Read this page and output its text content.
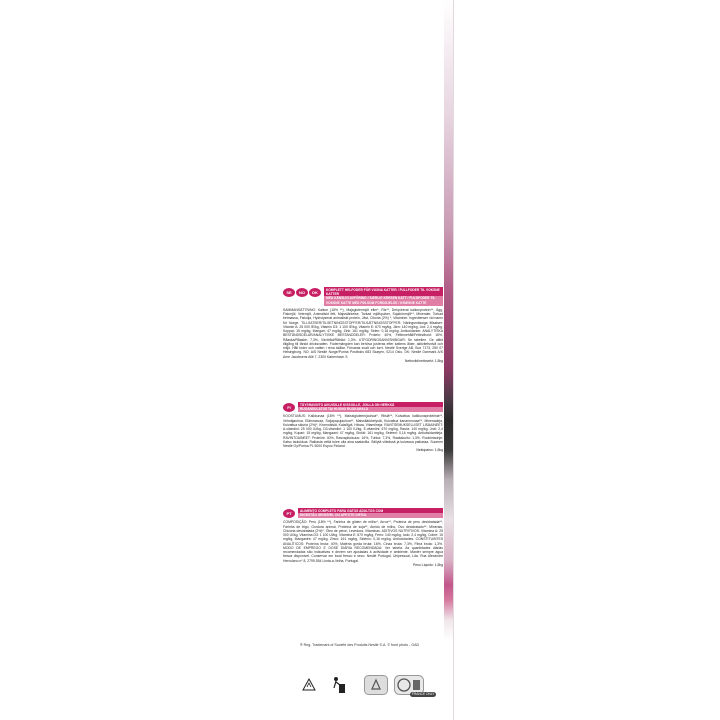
SE	NO	DK	KOMPLETT HELFODER FÖR VUXNA KATTER / FULLFODER TIL VOKSNE KATTER
MED KÄNSLIG AVFÖRING / SÆRLIG KRESEN KATT / FULDFODER TIL VOKSNE KATTE MED FØLSOM FORDØJELSE / KRÆSNE KATTE
SAMMANSÄTTNING: Kalkon (18% **), Majsglutenmjöl eller*, Ris**, Dehydrerat kalkonprotein**, Ägg, Fiskmjöl, Vetemjöl, Animaliskt fett, Majsstärkelse, Torkad mjölkpulver, Sojabönmjöl**, Mineraler, Torkad betmassa, Fiskolja, Hydrolyserat animaliskt protein, Jäst, Cikoria (2%) *, Vitaminer. Ingredienser vid namn för Norge. TILLSATSER/TILSETNINGSSTOFFER/TILSÆTNINGSSTOFFER: Näringsmässiga tillsatser: Vitamin A: 25 000 IE/kg, Vitamin D3: 1 100 IE/kg, Vitamin E: 670 mg/kg, Järn: 140 mg/kg, Jod: 2,4 mg/kg, Koppar: 15 mg/kg, Mangan: 47 mg/kg, Zink: 161 mg/kg, Selen: 0,16 mg/kg. Antioxidanter. ANALYTISKA BESTÅNDSDELAR/ANALYTISKE BESTANDDELER: Protein: 40%, Fettinnehåll/Fettindhold: 16%, Råaska/Råaske: 7,3%, Växttråd/Råtråd: 1,3%. UTFODRINGSANVISNINGAR: Se tabellen. Ge alltid tillgång till färskt dricksvatten. Fodermängden kan behöva justeras efter kattens ålder, aktivitetsnivå och miljö. Håll foder och vatten i rena skålar. Förvaras svalt och torrt. Nestlé Sverige AB, Box 7173, 250 07 Helsingborg. NO: A/S Nestlé Norge/Purina Postboks 683 Skøyen, 0214 Oslo. DK: Nestlé Danmark A/S Arne Jacobsens Allé 7, 2300 København S
Nettovikt/nettovekt: 1,5kg
FI	TÄYSRAVINTO AIKUISILLE KISSOILLE, JOILLA ON HERKKÄ
RUOANSULATUS TAI HUONO RUOKAHALU
KOOSTUMUS: Kalkkunaa (18% **), Maissigluteenijauhoa*, Riisiä**, Kuivattua kalkkunaproteiinia**, Vehnäjauhoa, Eläinrasvaa, Soijapapujauhoa**, Maissitärkkelystä, Kuivattua kananmunaa**, Mineraaleja, Kuivattua sikuria (2%)*, Kivennäisiä, Kalaöljyä, Hiivaa, Vitamiineja. RAVITSEMUKSELLISET LISÄAINEET: A-vitamiini: 25 000 IU/kg, D3-vitamiini: 1 100 IU/kg, E-vitamiini: 670 mg/kg, Rauta: 140 mg/kg, Jodi: 2,4 mg/kg, Kupari: 15 mg/kg, Mangaani: 47 mg/kg, Sinkki: 161 mg/kg, Seleeni: 0,16 mg/kg. Antioksidantteja. RAVINTOAINEET: Proteiini: 40%, Rasvapitoisuus: 16%, Tuhka: 7,3%, Raakakuitu: 1,3%. Ruokintaohje: Katso taulukkoa. Raikasta vettä tulee olla aina saatavilla. Säilytä viileässä ja kuivassa paikassa. Suomen Nestlé Oy/Purina PL 5000 Espoo Finland.
Nettopaino: 1,5kg
PT	ALIMENTO COMPLETO PARA GATOS ADULTOS COM
DIGESTÃO SENSÍVEL OU APETITE DIFÍCIL
COMPOSIÇÃO: Peru (18% **), Farinha de glúten de milho*, Arroz**, Proteína de peru desidratada**, Farinha de trigo, Gordura animal, Proteína de soja**, Amido de milho, Ovo desidratado**, Minerais, Chicória desidratada (2%)*, Óleo de peixe, Levedura, Vitaminas. ADITIVOS NUTRITIVOS: Vitamina A: 25 000 UI/kg, Vitamina D3: 1 100 UI/kg, Vitamina E: 670 mg/kg, Ferro: 140 mg/kg, Iodo: 2,4 mg/kg, Cobre: 15 mg/kg, Manganês: 47 mg/kg, Zinco: 161 mg/kg, Selénio: 0,16 mg/kg. Antioxidantes. CONSTITUINTES ANALÍTICOS: Proteína bruta: 40%, Matéria gorda bruta: 16%, Cinza bruta: 7,3%, Fibra bruta: 1,3%. MODO DE EMPREGO E DOSE DIÁRIA RECOMENDADA: Ver tabela. As quantidades diárias recomendadas são indicativas e devem ser ajustadas à actividade e ambiente. Manter sempre água fresca disponível. Conservar em local fresco e seco. Nestlé Portugal, Unipessoal, Lda. Rua Alexandre Herculano nº 8, 2799-554 Linda-a-Velha, Portugal.
Peso Líquido: 1,5kg
® Reg. Trademark of Société des Produits Nestlé S.A. © front photo - GAD
FRANCE ONLY
